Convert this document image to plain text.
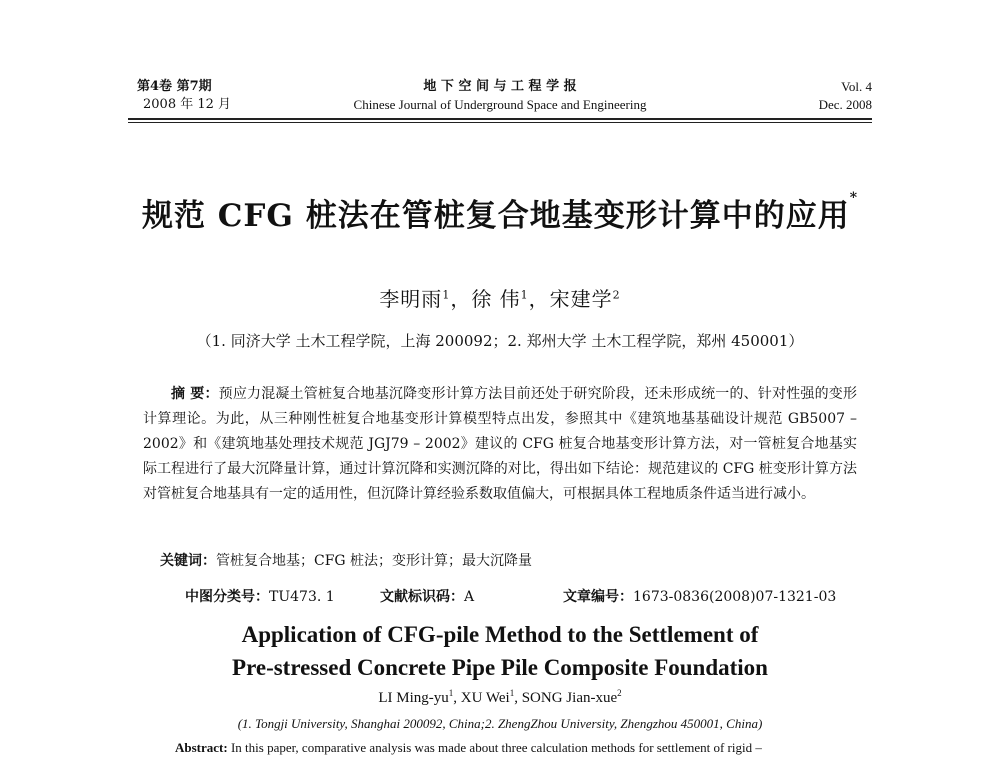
第4卷 第7期
2008 年 12 月
地 下 空 间 与 工 程 学 报
Chinese Journal of Underground Space and Engineering
Vol. 4
Dec. 2008
规范 CFG 桩法在管桩复合地基变形计算中的应用*
李明雨$^1$，徐 伟$^1$，宋建学$^2$
（1. 同济大学 土木工程学院，上海 200092；2. 郑州大学 土木工程学院，郑州 450001）
摘 要：预应力混凝土管桩复合地基沉降变形计算方法目前还处于研究阶段，还未形成统一的、针对性强的变形计算理论。为此，从三种刚性桩复合地基变形计算模型特点出发，参照其中《建筑地基基础设计规范 GB5007 – 2002》和《建筑地基处理技术规范 JGJ79 – 2002》建议的 CFG 桩复合地基变形计算方法，对一管桩复合地基实际工程进行了最大沉降量计算，通过计算沉降和实测沉降的对比，得出如下结论：规范建议的 CFG 桩变形计算方法对管桩复合地基具有一定的适用性，但沉降计算经验系数取值偏大，可根据具体工程地质条件适当进行减小。
关键词：管桩复合地基；CFG 桩法；变形计算；最大沉降量
中图分类号：TU473. 1	文献标识码：A	文章编号：1673-0836(2008)07-1321-03
Application of CFG-pile Method to the Settlement of
Pre-stressed Concrete Pipe Pile Composite Foundation
LI Ming-$yu^1$, XU Wei$^1$, SONG Jian-xue$^2$
(1. Tongji University, Shanghai 200092, China;2. ZhengZhou University, Zhengzhou 450001, China)
Abstract: In this paper, comparative analysis was made about three calculation methods for settlement of rigid –
